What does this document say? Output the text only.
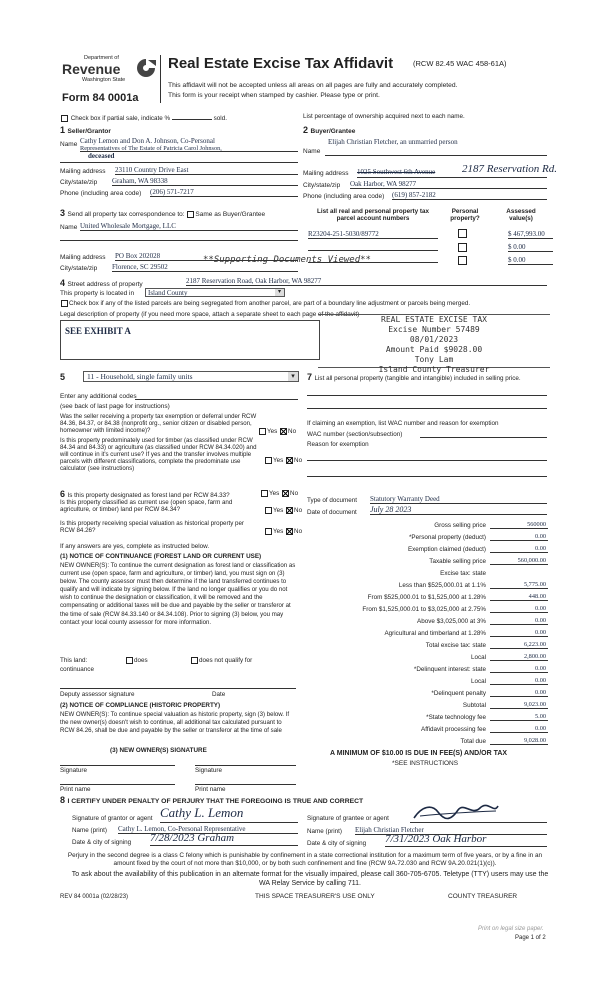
Department of
Revenue
Washington State
Form 84 0001a
Real Estate Excise Tax Affidavit	(RCW 82.45 WAC 458-61A)
This affidavit will not be accepted unless all areas on all pages are fully and accurately completed.
This form is your receipt when stamped by cashier. Please type or print.
Check box if partial sale, indicate %	sold.	List percentage of ownership acquired next to each name.
1 Seller/Grantor
Name Cathy Lemon and Don A. Johnson, Co-Personal
Representatives of The Estate of Patricia Carol Johnson,
deceased
Mailing address 23110 Country Drive East
City/state/zip Graham, WA 98338
Phone (including area code) (206) 571-7217
2 Buyer/Grantee
Elijah Christian Fletcher, an unmarried person
Name
Mailing address 1025 Southwest 6th Avenue 2187 Reservation Rd.
City/state/zip Oak Harbor, WA 98277
Phone (including area code) (619) 857-2182
3 Send all property tax correspondence to: Same as Buyer/Grantee
Name United Wholesale Mortgage, LLC
Mailing address PO Box 202028
City/state/zip Florence, SC 29502
**Supporting Documents Viewed**
List all real and personal property tax parcel account numbers
Personal property?
Assessed value(s)
R23204-251-5030/89772	$ 467,993.00
$ 0.00
$ 0.00
4 Street address of property	2187 Reservation Road, Oak Harbor, WA 98277
This property is located in Island County	▾
Check box if any of the listed parcels are being segregated from another parcel, are part of a boundary line adjustment or parcels being merged.
Legal description of property (if you need more space, attach a separate sheet to each page of the affidavit)
SEE EXHIBIT A
REAL ESTATE EXCISE TAX
Excise Number 57489
08/01/2023
Amount Paid $9028.00
Tony Lam
Island County Treasurer
5	11 - Household, single family units	▾
Enter any additional codes
(see back of last page for instructions)
Was the seller receiving a property tax exemption or deferral under RCW 84.36, 84.37, or 84.38 (nonprofit org., senior citizen or disabled person, homeowner with limited income)?	Yes No
Is this property predominately used for timber (as classified under RCW 84.34 and 84.33) or agriculture (as classified under RCW 84.34.020) and will continue in it's current use? If yes and the transfer involves multiple parcels with different classifications, complete the predominate use calculator (see instructions)
Yes No
7 List all personal property (tangible and intangible) included in selling price.
If claiming an exemption, list WAC number and reason for exemption
WAC number (section/subsection)
Reason for exemption
6 Is this property designated as forest land per RCW 84.33?	Yes No
Is this property classified as current use (open space, farm and agriculture, or timber) land per RCW 84.34?	Yes No
Is this property receiving special valuation as historical property per RCW 84.26?	Yes No
If any answers are yes, complete as instructed below.
(1) NOTICE OF CONTINUANCE (FOREST LAND OR CURRENT USE)
NEW OWNER(S): To continue the current designation as forest land or classification as current use (open space, farm and agriculture, or timber) land, you must sign on (3) below. The county assessor must then determine if the land transferred continues to qualify and will indicate by signing below. If the land no longer qualifies or you do not wish to continue the designation or classification, it will be removed and the compensating or additional taxes will be due and payable by the seller or transferor at the time of sale (RCW 84.33.140 or 84.34.108). Prior to signing (3) below, you may contact your local county assessor for more information.
This land:	does	does not qualify for
continuance
Deputy assessor signature	Date
(2) NOTICE OF COMPLIANCE (HISTORIC PROPERTY)
NEW OWNER(S): To continue special valuation as historic property, sign (3) below. If the new owner(s) doesn't wish to continue, all additional tax calculated pursuant to RCW 84.26, shall be due and payable by the seller or transferor at the time of sale
(3) NEW OWNER(S) SIGNATURE
Signature	Signature
Print name	Print name
Type of document Statutory Warranty Deed
Date of document July 28 2023
Gross selling price	560000
*Personal property (deduct)	0.00
Exemption claimed (deduct)	0.00
Taxable selling price	560,000.00
Excise tax: state
Less than $525,000.01 at 1.1%	5,775.00
From $525,000.01 to $1,525,000 at 1.28%	448.00
From $1,525,000.01 to $3,025,000 at 2.75%	0.00
Above $3,025,000 at 3%	0.00
Agricultural and timberland at 1.28%	0.00
Total excise tax: state	6,223.00
Local	2,800.00
*Delinquent interest: state	0.00
Local	0.00
*Delinquent penalty	0.00
Subtotal	9,023.00
*State technology fee	5.00
Affidavit processing fee	0.00
Total due	9,028.00
A MINIMUM OF $10.00 IS DUE IN FEE(S) AND/OR TAX
*SEE INSTRUCTIONS
8 I CERTIFY UNDER PENALTY OF PERJURY THAT THE FOREGOING IS TRUE AND CORRECT
Signature of grantor or agent Cathy L. Lemon
Name (print) Cathy L. Lemon, Co-Personal Representative
Date & city of signing 7/28/2023 Graham
Signature of grantee or agent
Name (print) Elijah Christian Fletcher
Date & city of signing 7/31/2023 Oak Harbor
Perjury in the second degree is a class C felony which is punishable by confinement in a state correctional institution for a maximum term of five years, or by a fine in an amount fixed by the court of not more than $10,000, or by both such confinement and fine (RCW 9A.72.030 and RCW 9A.20.021(1)(c)).
To ask about the availability of this publication in an alternate format for the visually impaired, please call 360-705-6705. Teletype (TTY) users may use the WA Relay Service by calling 711.
REV 84 0001a (02/28/23)	THIS SPACE TREASURER'S USE ONLY	COUNTY TREASURER
Print on legal size paper.
Page 1 of 2
